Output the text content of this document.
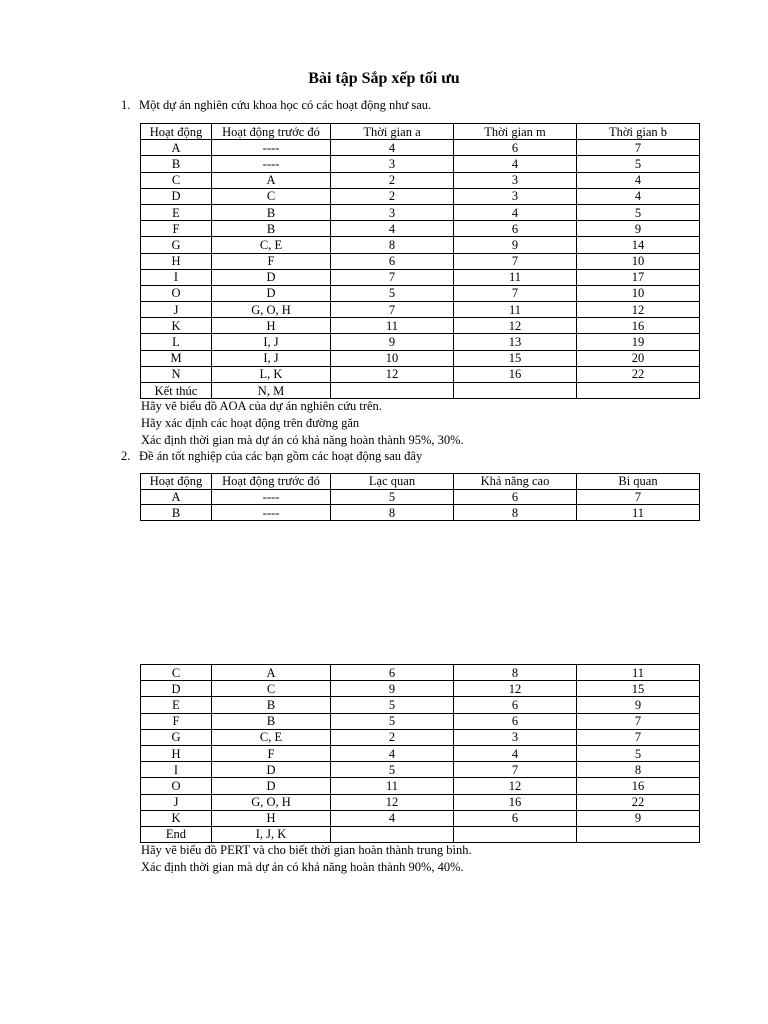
Bài tập Sắp xếp tối ưu
1. Một dự án nghiên cứu khoa học có các hoạt động như sau.
Hoạt động	Hoạt động trước đó	Thời gian a	Thời gian m	Thời gian b
A	----	4	6	7
B	----	3	4	5
C	A	2	3	4
D	C	2	3	4
E	B	3	4	5
F	B	4	6	9
G	C, E	8	9	14
H	F	6	7	10
I	D	7	11	17
O	D	5	7	10
J	G, O, H	7	11	12
K	H	11	12	16
L	I, J	9	13	19
M	I, J	10	15	20
N	L, K	12	16	22
Kết thúc	N, M			
Hãy vẽ biểu đồ AOA của dự án nghiên cứu trên.
Hãy xác định các hoạt động trên đường găn
Xác định thời gian mà dự án có khả năng hoàn thành 95%, 30%.
2. Đề án tốt nghiệp của các bạn gồm các hoạt động sau đây
Hoạt động	Hoạt động trước đó	Lạc quan	Khả năng cao	Bi quan
A	----	5	6	7
B	----	8	8	11
C	A	6	8	11
D	C	9	12	15
E	B	5	6	9
F	B	5	6	7
G	C, E	2	3	7
H	F	4	4	5
I	D	5	7	8
O	D	11	12	16
J	G, O, H	12	16	22
K	H	4	6	9
End	I, J, K			
Hãy vẽ biểu đồ PERT và cho biết thời gian hoàn thành trung bình.
Xác định thời gian mà dự án có khả năng hoàn thành 90%, 40%.
